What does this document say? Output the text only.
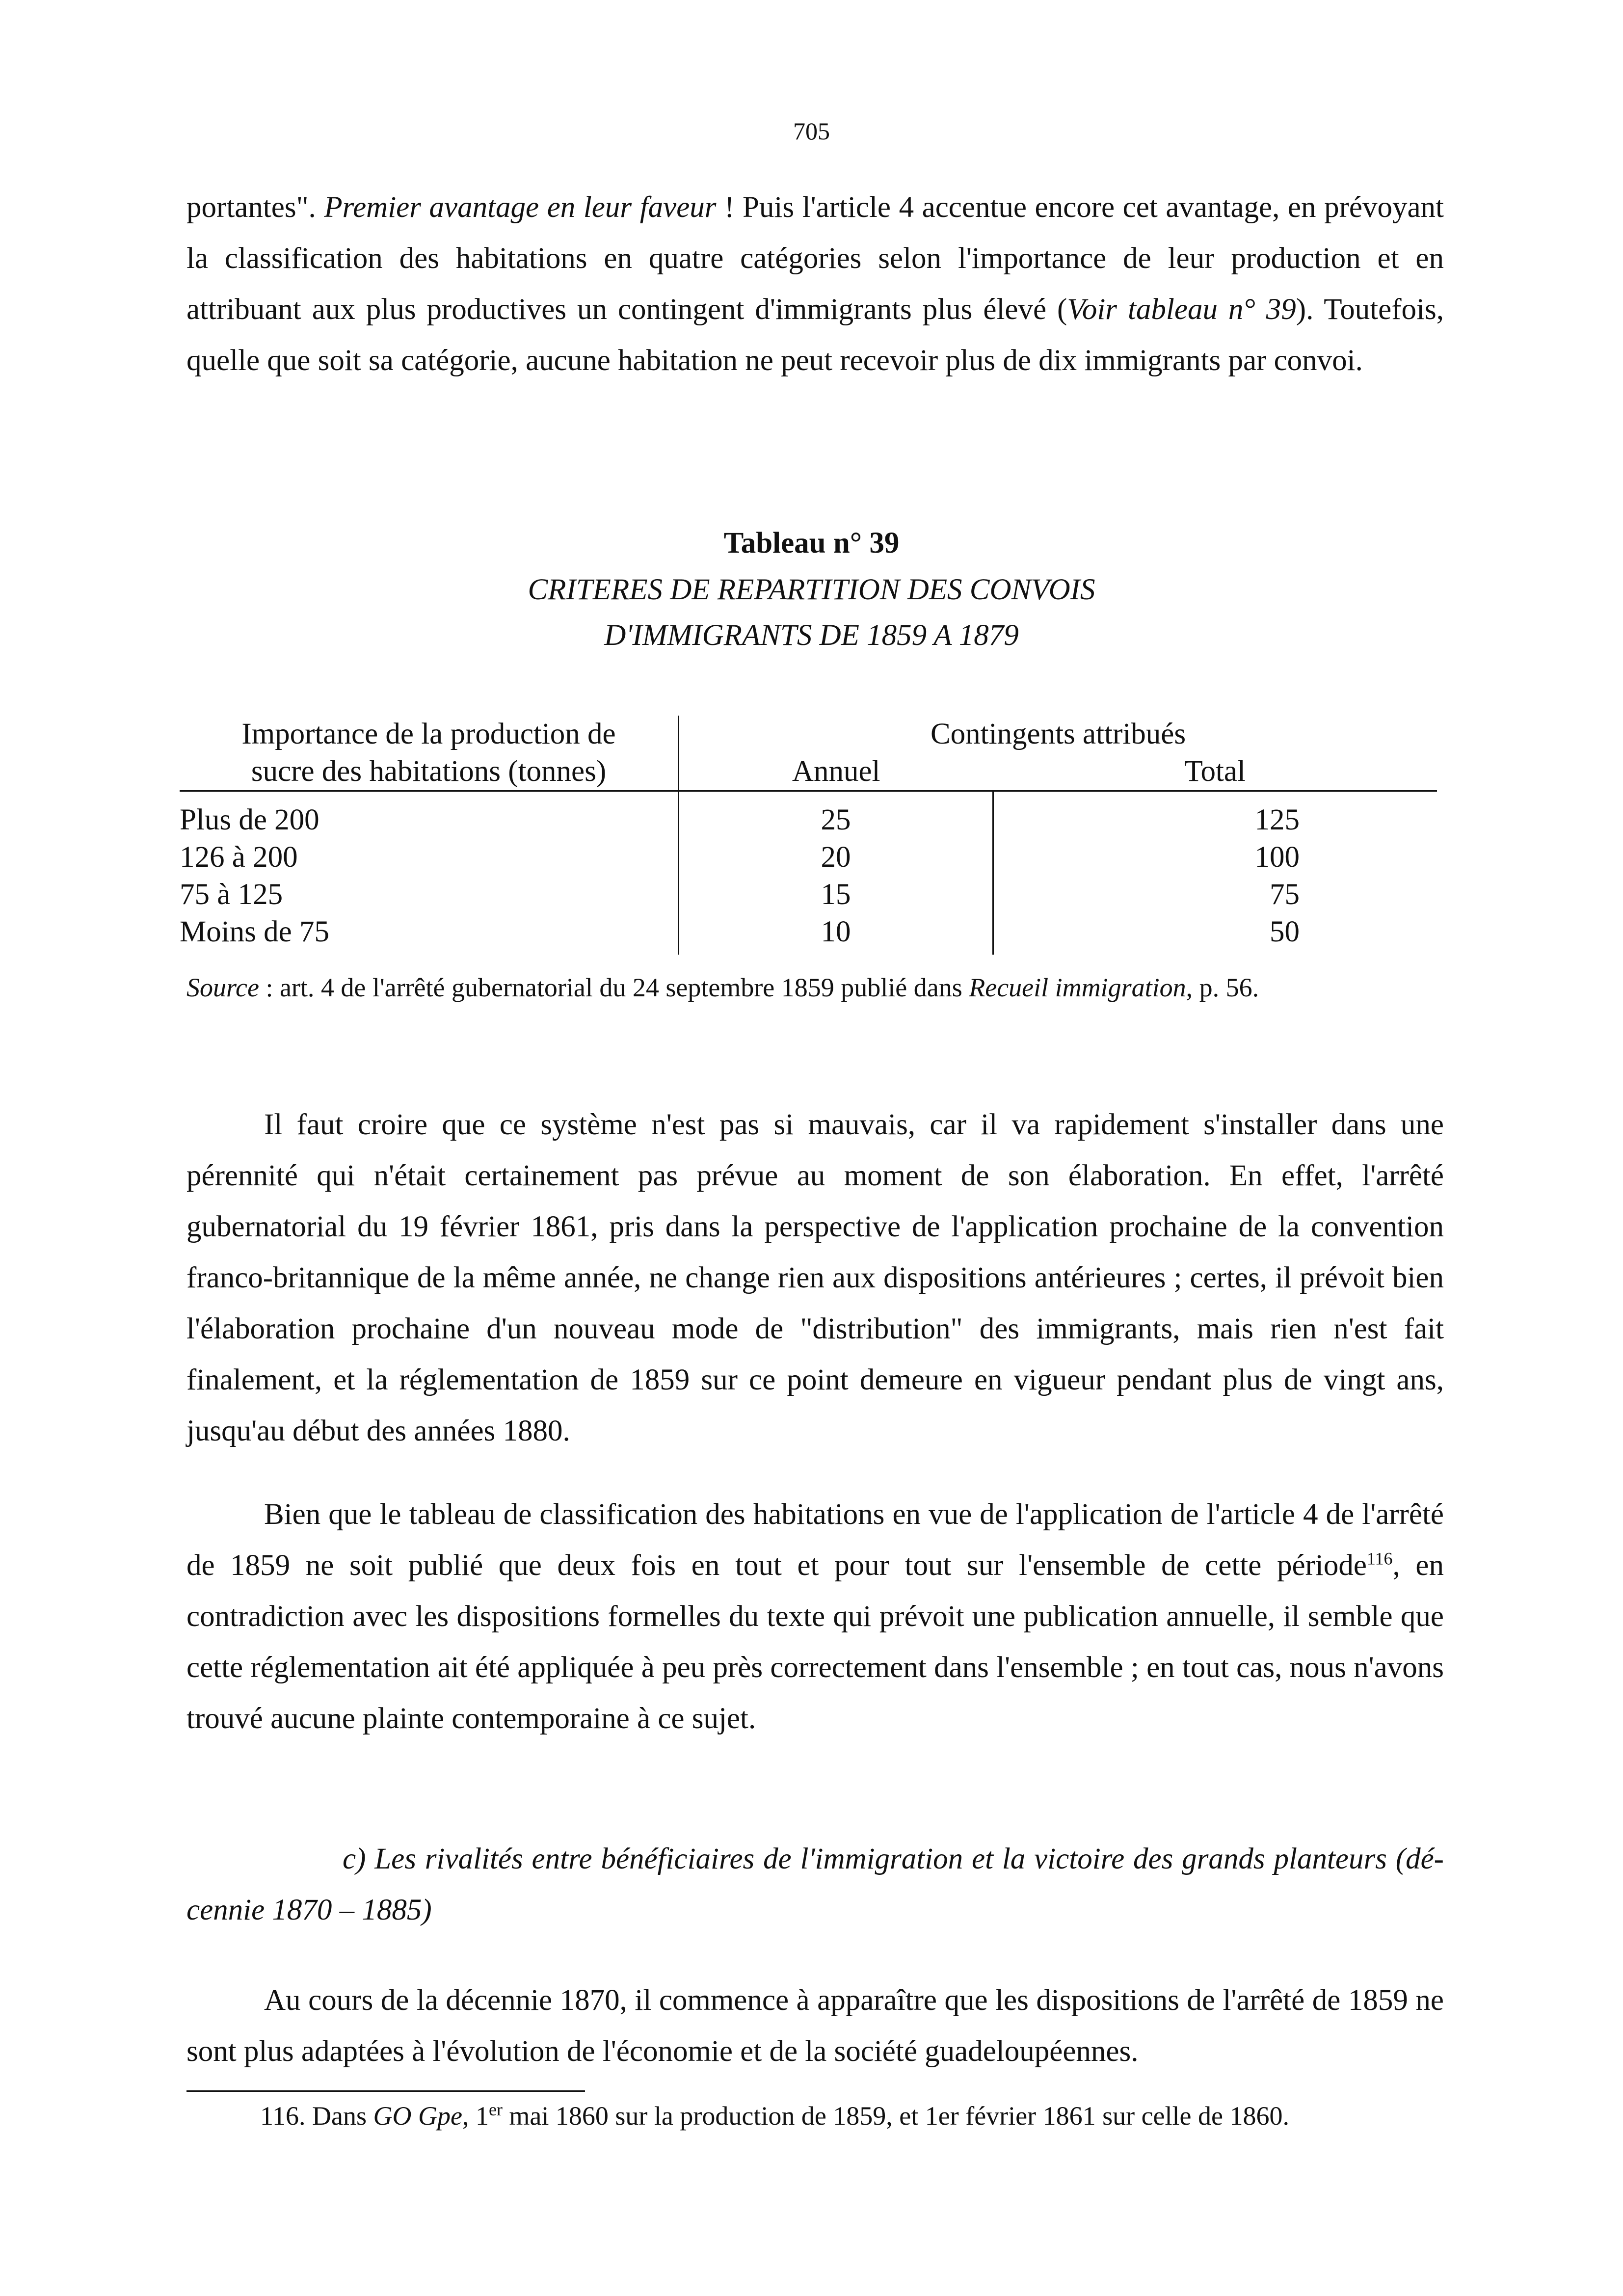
705

portantes". Premier avantage en leur faveur ! Puis l'article 4 accentue encore cet avantage, en prévoyant la classification des habitations en quatre catégories selon l'importance de leur production et en attribuant aux plus productives un contingent d'immigrants plus élevé (Voir tableau n° 39). Toutefois, quelle que soit sa catégorie, aucune habitation ne peut recevoir plus de dix immigrants par convoi.

Tableau n° 39
CRITERES DE REPARTITION DES CONVOIS
D'IMMIGRANTS DE 1859 A 1879
Importance de la production de	Contingents attribués	
sucre des habitations (tonnes)	Annuel	Total
Plus de 200	25	125
126 à 200	20	100
75 à 125	15	75
Moins de 75	10	50
Source : art. 4 de l'arrêté gubernatorial du 24 septembre 1859 publié dans Recueil immigration, p. 56.

Il faut croire que ce système n'est pas si mauvais, car il va rapidement s'installer dans une pérennité qui n'était certainement pas prévue au moment de son élaboration. En effet, l'arrêté gubernatorial du 19 février 1861, pris dans la perspective de l'application prochaine de la convention franco-britannique de la même année, ne change rien aux dispositions antérieures ; certes, il prévoit bien l'élaboration prochaine d'un nouveau mode de "distribution" des immigrants, mais rien n'est fait finalement, et la réglementation de 1859 sur ce point demeure en vigueur pendant plus de vingt ans, jusqu'au début des années 1880.

Bien que le tableau de classification des habitations en vue de l'application de l'article 4 de l'arrêté de 1859 ne soit publié que deux fois en tout et pour tout sur l'ensemble de cette période$^{116}$, en contradiction avec les dispositions formelles du texte qui prévoit une publication annuelle, il semble que cette réglementation ait été appliquée à peu près correctement dans l'ensemble ; en tout cas, nous n'avons trouvé aucune plainte contemporaine à ce sujet.

c) Les rivalités entre bénéficiaires de l'immigration et la victoire des grands planteurs (décennie 1870 – 1885)

Au cours de la décennie 1870, il commence à apparaître que les dispositions de l'arrêté de 1859 ne sont plus adaptées à l'évolution de l'économie et de la société guadeloupéennes.

116. Dans GO Gpe, 1er mai 1860 sur la production de 1859, et 1er février 1861 sur celle de 1860.
